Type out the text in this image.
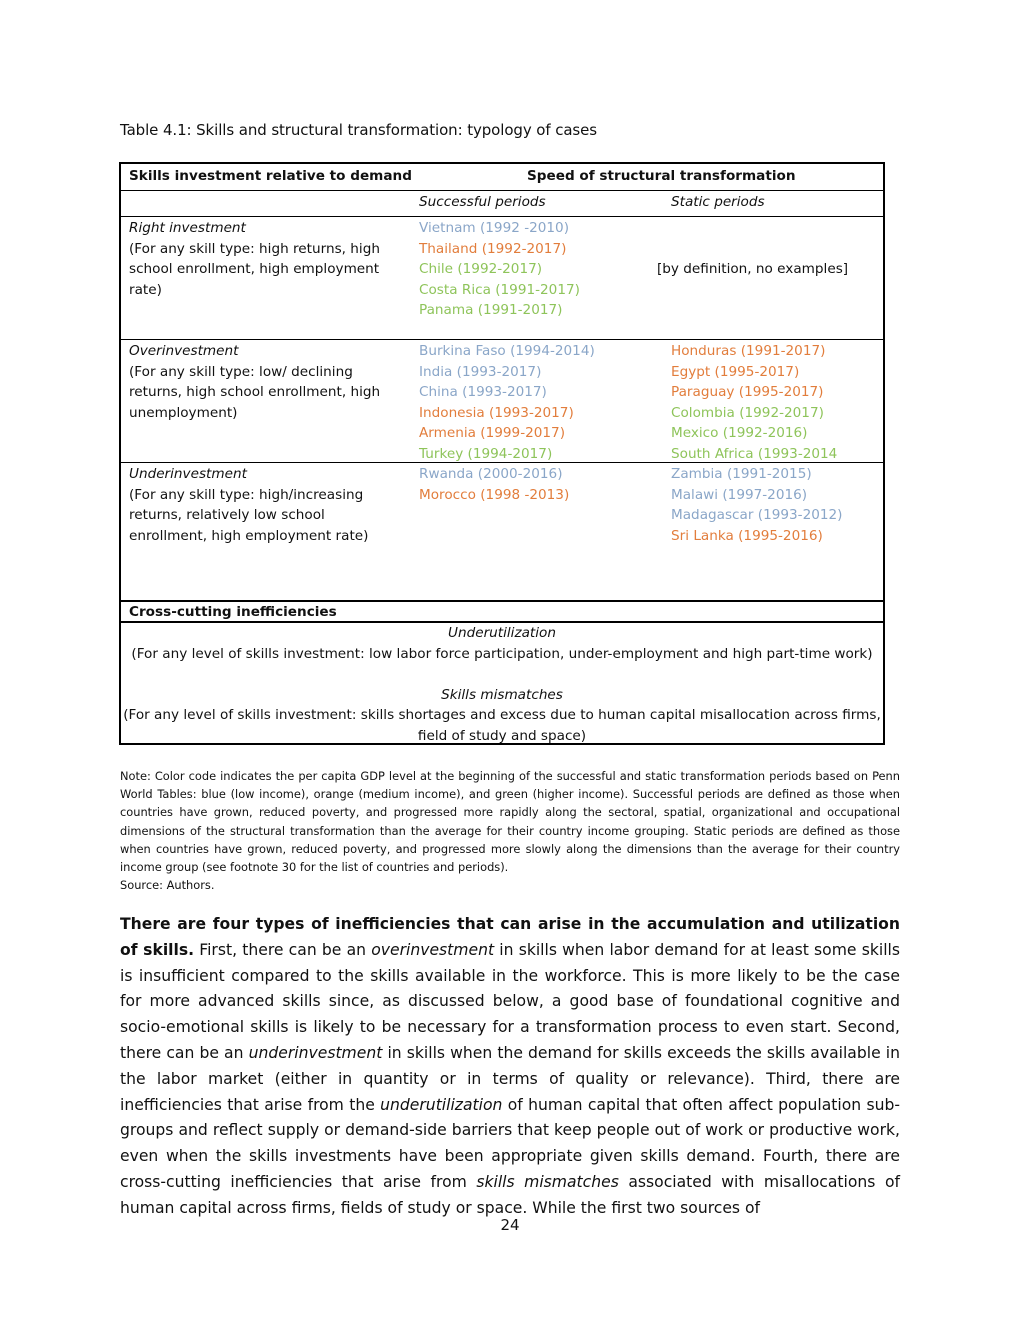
Table 4.1: Skills and structural transformation: typology of cases
Skills investment relative to demand	Speed of structural transformation
Successful periods	Static periods
Right investment
(For any skill type: high returns, high
school enrollment, high employment
rate)
Vietnam (1992 -2010)
Thailand (1992-2017)
Chile (1992-2017)
Costa Rica (1991-2017)
Panama (1991-2017)
[by definition, no examples]
Overinvestment
(For any skill type: low/ declining
returns, high school enrollment, high
unemployment)
Burkina Faso (1994-2014)
India (1993-2017)
China (1993-2017)
Indonesia (1993-2017)
Armenia (1999-2017)
Turkey (1994-2017)
Honduras (1991-2017)
Egypt (1995-2017)
Paraguay (1995-2017)
Colombia (1992-2017)
Mexico (1992-2016)
South Africa (1993-2014
Underinvestment
(For any skill type: high/increasing
returns, relatively low school
enrollment, high employment rate)
Rwanda (2000-2016)
Morocco (1998 -2013)
Zambia (1991-2015)
Malawi (1997-2016)
Madagascar (1993-2012)
Sri Lanka (1995-2016)
Cross-cutting inefficiencies
Underutilization
(For any level of skills investment: low labor force participation, under-employment and high part-time work)
Skills mismatches
(For any level of skills investment: skills shortages and excess due to human capital misallocation across firms,
field of study and space)
Note: Color code indicates the per capita GDP level at the beginning of the successful and static transformation periods based on Penn World Tables: blue (low income), orange (medium income), and green (higher income). Successful periods are defined as those when countries have grown, reduced poverty, and progressed more rapidly along the sectoral, spatial, organizational and occupational dimensions of the structural transformation than the average for their country income grouping. Static periods are defined as those when countries have grown, reduced poverty, and progressed more slowly along the dimensions than the average for their country income group (see footnote 30 for the list of countries and periods).
Source: Authors.
There are four types of inefficiencies that can arise in the accumulation and utilization of skills. First, there can be an overinvestment in skills when labor demand for at least some skills is insufficient compared to the skills available in the workforce. This is more likely to be the case for more advanced skills since, as discussed below, a good base of foundational cognitive and socio-emotional skills is likely to be necessary for a transformation process to even start. Second, there can be an underinvestment in skills when the demand for skills exceeds the skills available in the labor market (either in quantity or in terms of quality or relevance). Third, there are inefficiencies that arise from the underutilization of human capital that often affect population sub-groups and reflect supply or demand-side barriers that keep people out of work or productive work, even when the skills investments have been appropriate given skills demand. Fourth, there are cross-cutting inefficiencies that arise from skills mismatches associated with misallocations of human capital across firms, fields of study or space. While the first two sources of
24
